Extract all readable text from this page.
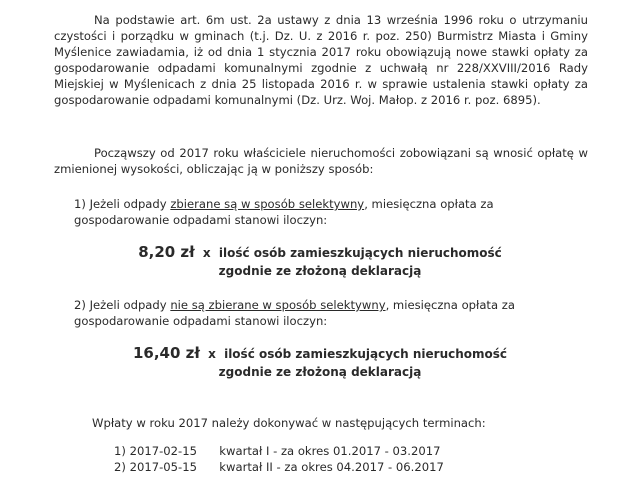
Na podstawie art. 6m ust. 2a ustawy z dnia 13 września 1996 roku o utrzymaniu czystości i porządku w gminach (t.j. Dz. U. z 2016 r. poz. 250) Burmistrz Miasta i Gminy Myślenice zawiadamia, iż od dnia 1 stycznia 2017 roku obowiązują nowe stawki opłaty za gospodarowanie odpadami komunalnymi zgodnie z uchwałą nr 228/XXVIII/2016 Rady Miejskiej w Myślenicach z dnia 25 listopada 2016 r. w sprawie ustalenia stawki opłaty za gospodarowanie odpadami komunalnymi (Dz. Urz. Woj. Małop. z 2016 r. poz. 6895).

Począwszy od 2017 roku właściciele nieruchomości zobowiązani są wnosić opłatę w zmienionej wysokości, obliczając ją w poniższy sposób:

1) Jeżeli odpady zbierane są w sposób selektywny, miesięczna opłata za gospodarowanie odpadami stanowi iloczyn:

8,20 zł x ilość osób zamieszkujących nieruchomość
zgodnie ze złożoną deklaracją

2) Jeżeli odpady nie są zbierane w sposób selektywny, miesięczna opłata za gospodarowanie odpadami stanowi iloczyn:

16,40 zł x ilość osób zamieszkujących nieruchomość
zgodnie ze złożoną deklaracją

Wpłaty w roku 2017 należy dokonywać w następujących terminach:

1) 2017-02-15 kwartał I - za okres 01.2017 - 03.2017

2) 2017-05-15 kwartał II - za okres 04.2017 - 06.2017
